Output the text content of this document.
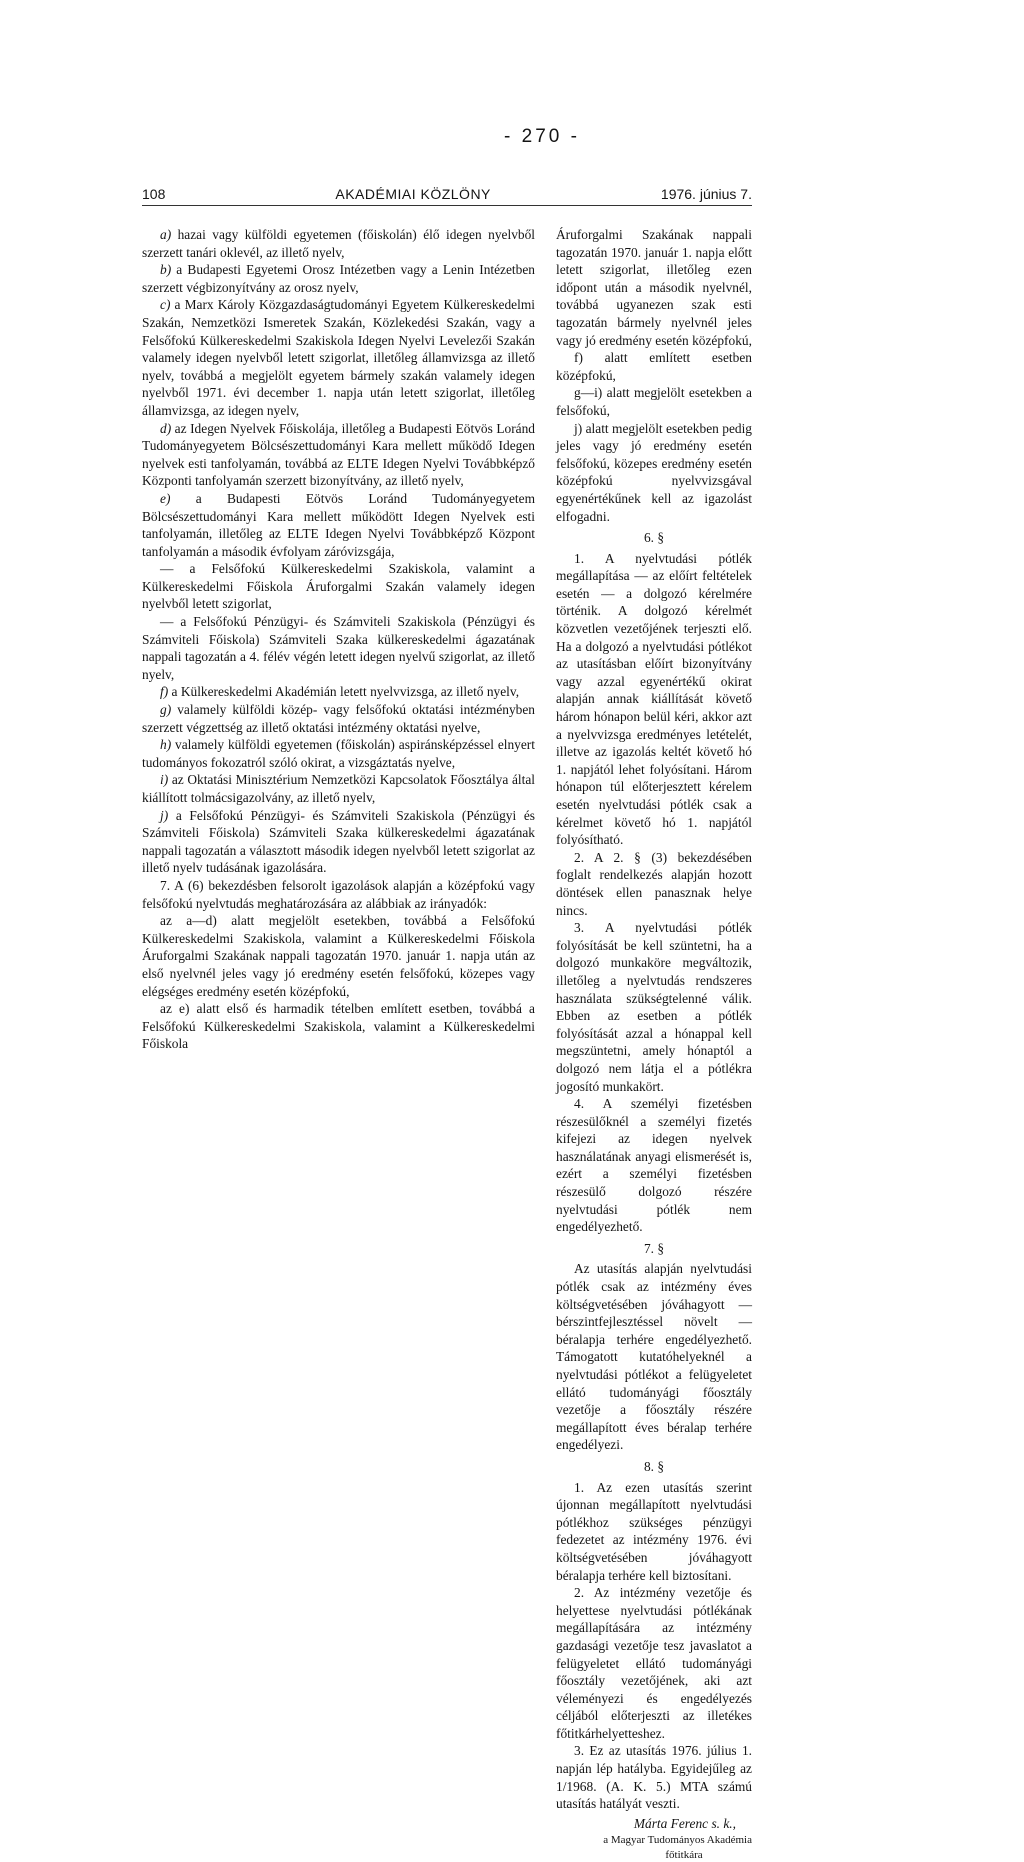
- 270 -
108	AKADÉMIAI KÖZLÖNY	1976. június 7.

a) hazai vagy külföldi egyetemen (főiskolán) élő idegen nyelvből szerzett tanári oklevél, az illető nyelv,

b) a Budapesti Egyetemi Orosz Intézetben vagy a Lenin Intézetben szerzett végbizonyítvány az orosz nyelv,

c) a Marx Károly Közgazdaságtudományi Egyetem Külkereskedelmi Szakán, Nemzetközi Ismeretek Szakán, Közlekedési Szakán, vagy a Felsőfokú Külkereskedelmi Szakiskola Idegen Nyelvi Levelezői Szakán valamely idegen nyelvből letett szigorlat, illetőleg államvizsga az illető nyelv, továbbá a megjelölt egyetem bármely szakán valamely idegen nyelvből 1971. évi december 1. napja után letett szigorlat, illetőleg államvizsga, az idegen nyelv,

d) az Idegen Nyelvek Főiskolája, illetőleg a Budapesti Eötvös Loránd Tudományegyetem Bölcsészettudományi Kara mellett működő Idegen nyelvek esti tanfolyamán, továbbá az ELTE Idegen Nyelvi Továbbképző Központi tanfolyamán szerzett bizonyítvány, az illető nyelv,

e) a Budapesti Eötvös Loránd Tudományegyetem Bölcsészettudományi Kara mellett működött Idegen Nyelvek esti tanfolyamán, illetőleg az ELTE Idegen Nyelvi Továbbképző Központ tanfolyamán a második évfolyam záróvizsgája,

— a Felsőfokú Külkereskedelmi Szakiskola, valamint a Külkereskedelmi Főiskola Áruforgalmi Szakán valamely idegen nyelvből letett szigorlat,

— a Felsőfokú Pénzügyi- és Számviteli Szakiskola (Pénzügyi és Számviteli Főiskola) Számviteli Szaka külkereskedelmi ágazatának nappali tagozatán a 4. félév végén letett idegen nyelvű szigorlat, az illető nyelv,

f) a Külkereskedelmi Akadémián letett nyelvvizsga, az illető nyelv,

g) valamely külföldi közép- vagy felsőfokú oktatási intézményben szerzett végzettség az illető oktatási intézmény oktatási nyelve,

h) valamely külföldi egyetemen (főiskolán) aspiránsképzéssel elnyert tudományos fokozatról szóló okirat, a vizsgáztatás nyelve,

i) az Oktatási Minisztérium Nemzetközi Kapcsolatok Főosztálya által kiállított tolmácsigazolvány, az illető nyelv,

j) a Felsőfokú Pénzügyi- és Számviteli Szakiskola (Pénzügyi és Számviteli Főiskola) Számviteli Szaka külkereskedelmi ágazatának nappali tagozatán a választott második idegen nyelvből letett szigorlat az illető nyelv tudásának igazolására.

7. A (6) bekezdésben felsorolt igazolások alapján a középfokú vagy felsőfokú nyelvtudás meghatározására az alábbiak az irányadók:

az a—d) alatt megjelölt esetekben, továbbá a Felsőfokú Külkereskedelmi Szakiskola, valamint a Külkereskedelmi Főiskola Áruforgalmi Szakának nappali tagozatán 1970. január 1. napja után az első nyelvnél jeles vagy jó eredmény esetén felsőfokú, közepes vagy elégséges eredmény esetén középfokú,

az e) alatt első és harmadik tételben említett esetben, továbbá a Felsőfokú Külkereskedelmi Szakiskola, valamint a Külkereskedelmi Főiskola

Áruforgalmi Szakának nappali tagozatán 1970. január 1. napja előtt letett szigorlat, illetőleg ezen időpont után a második nyelvnél, továbbá ugyanezen szak esti tagozatán bármely nyelvnél jeles vagy jó eredmény esetén középfokú,

f) alatt említett esetben középfokú,

g—i) alatt megjelölt esetekben a felsőfokú,

j) alatt megjelölt esetekben pedig jeles vagy jó eredmény esetén felsőfokú, közepes eredmény esetén középfokú nyelvvizsgával egyenértékűnek kell az igazolást elfogadni.

6. §

1. A nyelvtudási pótlék megállapítása — az előírt feltételek esetén — a dolgozó kérelmére történik. A dolgozó kérelmét közvetlen vezetőjének terjeszti elő. Ha a dolgozó a nyelvtudási pótlékot az utasításban előírt bizonyítvány vagy azzal egyenértékű okirat alapján annak kiállítását követő három hónapon belül kéri, akkor azt a nyelvvizsga eredményes letételét, illetve az igazolás keltét követő hó 1. napjától lehet folyósítani. Három hónapon túl előterjesztett kérelem esetén nyelvtudási pótlék csak a kérelmet követő hó 1. napjától folyósítható.

2. A 2. § (3) bekezdésében foglalt rendelkezés alapján hozott döntések ellen panasznak helye nincs.

3. A nyelvtudási pótlék folyósítását be kell szüntetni, ha a dolgozó munkaköre megváltozik, illetőleg a nyelvtudás rendszeres használata szükségtelenné válik. Ebben az esetben a pótlék folyósítását azzal a hónappal kell megszüntetni, amely hónaptól a dolgozó nem látja el a pótlékra jogosító munkakört.

4. A személyi fizetésben részesülőknél a személyi fizetés kifejezi az idegen nyelvek használatának anyagi elismerését is, ezért a személyi fizetésben részesülő dolgozó részére nyelvtudási pótlék nem engedélyezhető.

7. §

Az utasítás alapján nyelvtudási pótlék csak az intézmény éves költségvetésében jóváhagyott — bérszintfejlesztéssel növelt — béralapja terhére engedélyezhető. Támogatott kutatóhelyeknél a nyelvtudási pótlékot a felügyeletet ellátó tudományági főosztály vezetője a főosztály részére megállapított éves béralap terhére engedélyezi.

8. §

1. Az ezen utasítás szerint újonnan megállapított nyelvtudási pótlékhoz szükséges pénzügyi fedezetet az intézmény 1976. évi költségvetésében jóváhagyott béralapja terhére kell biztosítani.

2. Az intézmény vezetője és helyettese nyelvtudási pótlékának megállapítására az intézmény gazdasági vezetője tesz javaslatot a felügyeletet ellátó tudományági főosztály vezetőjének, aki azt véleményezi és engedélyezés céljából előterjeszti az illetékes főtitkárhelyetteshez.

3. Ez az utasítás 1976. július 1. napján lép hatályba. Egyidejűleg az 1/1968. (A. K. 5.) MTA számú utasítás hatályát veszti.

Márta Ferenc s. k.,

a Magyar Tudományos Akadémia

főtitkára
